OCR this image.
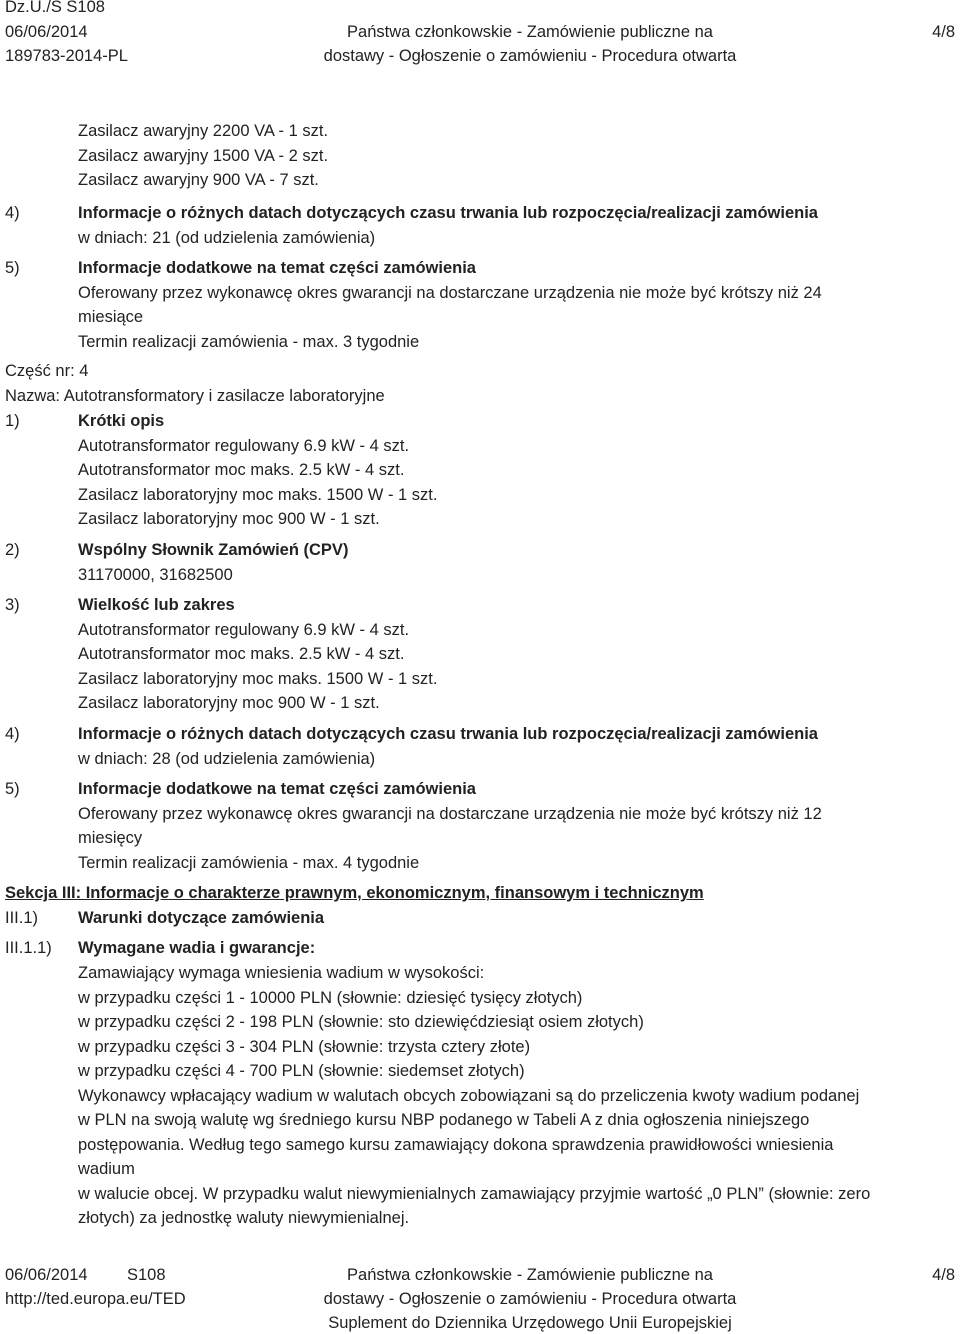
Dz.U./S S108
06/06/2014
189783-2014-PL
Państwa członkowskie - Zamówienie publiczne na
dostawy - Ogłoszenie o zamówieniu - Procedura otwarta
4/8
Zasilacz awaryjny 2200 VA - 1 szt.
Zasilacz awaryjny 1500 VA - 2 szt.
Zasilacz awaryjny 900 VA - 7 szt.
4)	Informacje o różnych datach dotyczących czasu trwania lub rozpoczęcia/realizacji zamówienia
w dniach: 21 (od udzielenia zamówienia)
5)	Informacje dodatkowe na temat części zamówienia
Oferowany przez wykonawcę okres gwarancji na dostarczane urządzenia nie może być krótszy niż 24
miesiące
Termin realizacji zamówienia - max. 3 tygodnie
Część nr: 4
Nazwa: Autotransformatory i zasilacze laboratoryjne
1)	Krótki opis
Autotransformator regulowany 6.9 kW - 4 szt.
Autotransformator moc maks. 2.5 kW - 4 szt.
Zasilacz laboratoryjny moc maks. 1500 W - 1 szt.
Zasilacz laboratoryjny moc 900 W - 1 szt.
2)	Wspólny Słownik Zamówień (CPV)
31170000, 31682500
3)	Wielkość lub zakres
Autotransformator regulowany 6.9 kW - 4 szt.
Autotransformator moc maks. 2.5 kW - 4 szt.
Zasilacz laboratoryjny moc maks. 1500 W - 1 szt.
Zasilacz laboratoryjny moc 900 W - 1 szt.
4)	Informacje o różnych datach dotyczących czasu trwania lub rozpoczęcia/realizacji zamówienia
w dniach: 28 (od udzielenia zamówienia)
5)	Informacje dodatkowe na temat części zamówienia
Oferowany przez wykonawcę okres gwarancji na dostarczane urządzenia nie może być krótszy niż 12
miesięcy
Termin realizacji zamówienia - max. 4 tygodnie
Sekcja III: Informacje o charakterze prawnym, ekonomicznym, finansowym i technicznym
III.1) Warunki dotyczące zamówienia
III.1.1) Wymagane wadia i gwarancje:
Zamawiający wymaga wniesienia wadium w wysokości:
w przypadku części 1 - 10000 PLN (słownie: dziesięć tysięcy złotych)
w przypadku części 2 - 198 PLN (słownie: sto dziewięćdziesiąt osiem złotych)
w przypadku części 3 - 304 PLN (słownie: trzysta cztery złote)
w przypadku części 4 - 700 PLN (słownie: siedemset złotych)
Wykonawcy wpłacający wadium w walutach obcych zobowiązani są do przeliczenia kwoty wadium podanej
w PLN na swoją walutę wg średniego kursu NBP podanego w Tabeli A z dnia ogłoszenia niniejszego
postępowania. Według tego samego kursu zamawiający dokona sprawdzenia prawidłowości wniesienia
wadium
w walucie obcej. W przypadku walut niewymienialnych zamawiający przyjmie wartość „0 PLN” (słownie: zero
złotych) za jednostkę waluty niewymienialnej.
06/06/2014 S108
http://ted.europa.eu/TED
Państwa członkowskie - Zamówienie publiczne na
dostawy - Ogłoszenie o zamówieniu - Procedura otwarta
Suplement do Dziennika Urzędowego Unii Europejskiej
4/8
